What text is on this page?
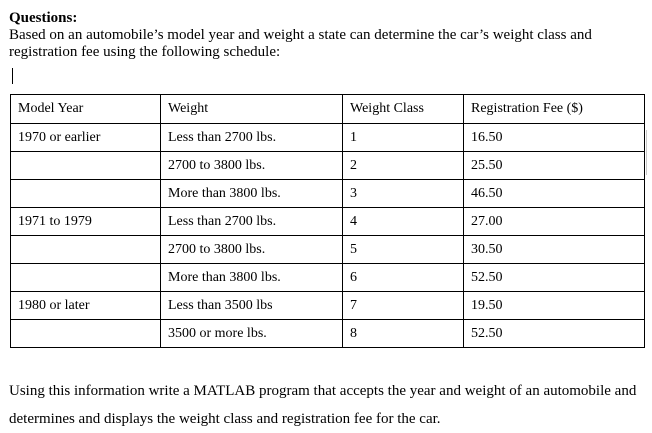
Questions:
Based on an automobile’s model year and weight a state can determine the car’s weight class and registration fee using the following schedule:
Model Year	Weight	Weight Class	Registration Fee ($)
1970 or earlier	Less than 2700 lbs.	1	16.50
	2700 to 3800 lbs.	2	25.50
	More than 3800 lbs.	3	46.50
1971 to 1979	Less than 2700 lbs.	4	27.00
	2700 to 3800 lbs.	5	30.50
	More than 3800 lbs.	6	52.50
1980 or later	Less than 3500 lbs	7	19.50
	3500 or more lbs.	8	52.50
Using this information write a MATLAB program that accepts the year and weight of an automobile and determines and displays the weight class and registration fee for the car.
